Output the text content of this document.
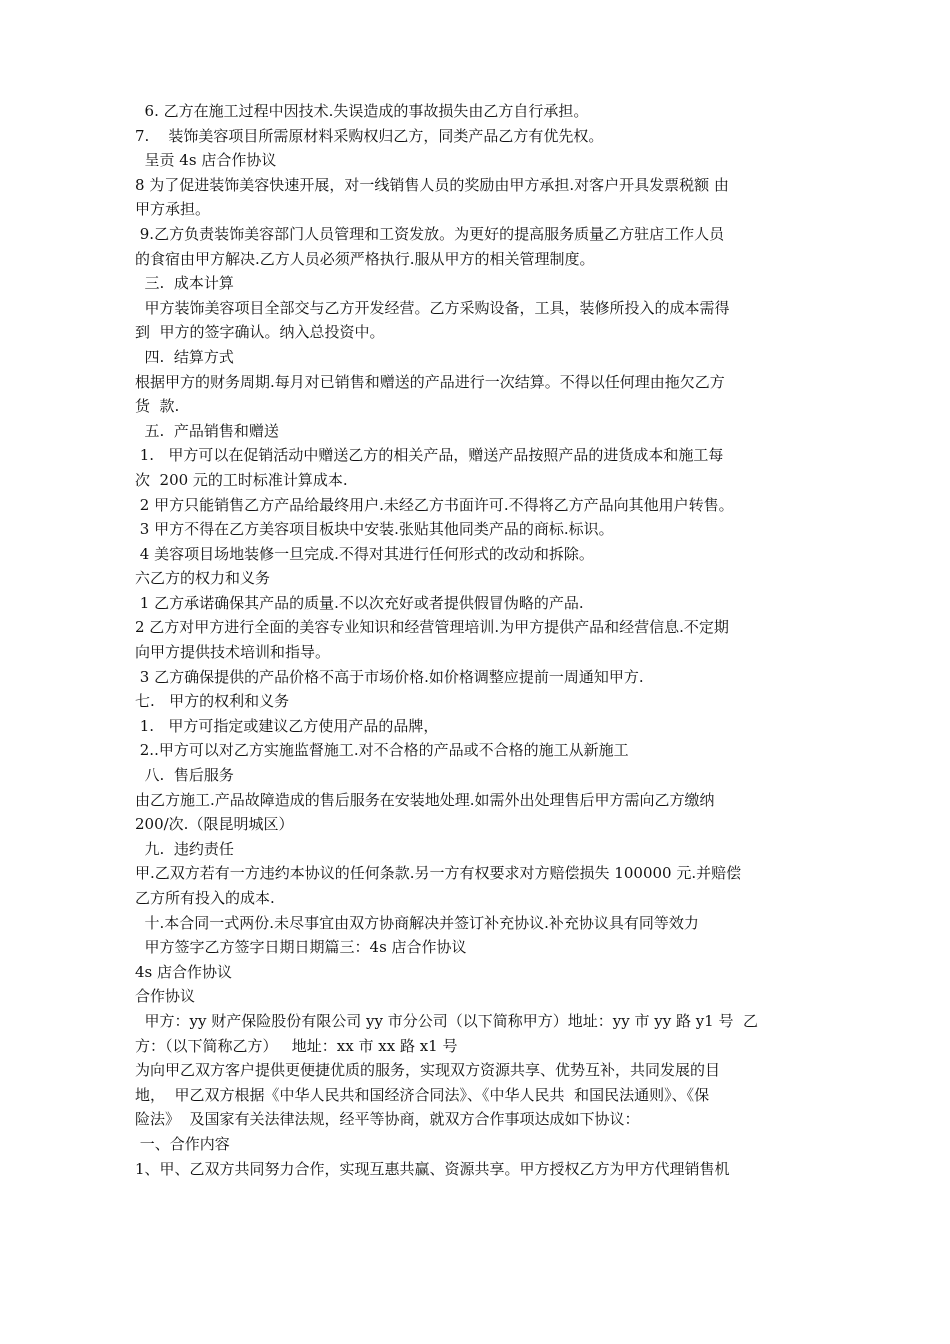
6. 乙方在施工过程中因技术.失误造成的事故损失由乙方自行承担。
7.    装饰美容项目所需原材料采购权归乙方，同类产品乙方有优先权。
呈贡 4s 店合作协议
8 为了促进装饰美容快速开展，对一线销售人员的奖励由甲方承担.对客户开具发票税额 由
甲方承担。
9.乙方负责装饰美容部门人员管理和工资发放。为更好的提高服务质量乙方驻店工作人员
的食宿由甲方解决.乙方人员必须严格执行.服从甲方的相关管理制度。
三.  成本计算
甲方装饰美容项目全部交与乙方开发经营。乙方采购设备，工具，装修所投入的成本需得
到  甲方的签字确认。纳入总投资中。
四.  结算方式
根据甲方的财务周期.每月对已销售和赠送的产品进行一次结算。不得以任何理由拖欠乙方
货  款.
五.  产品销售和赠送
1.   甲方可以在促销活动中赠送乙方的相关产品，赠送产品按照产品的进货成本和施工每
次  200 元的工时标准计算成本.
2 甲方只能销售乙方产品给最终用户.未经乙方书面许可.不得将乙方产品向其他用户转售。
3 甲方不得在乙方美容项目板块中安装.张贴其他同类产品的商标.标识。
4 美容项目场地装修一旦完成.不得对其进行任何形式的改动和拆除。
六乙方的权力和义务
1 乙方承诺确保其产品的质量.不以次充好或者提供假冒伪略的产品.
2 乙方对甲方进行全面的美容专业知识和经营管理培训.为甲方提供产品和经营信息.不定期
向甲方提供技术培训和指导。
3 乙方确保提供的产品价格不高于市场价格.如价格调整应提前一周通知甲方.
七.   甲方的权利和义务
1.   甲方可指定或建议乙方使用产品的品牌，
2..甲方可以对乙方实施监督施工.对不合格的产品或不合格的施工从新施工
八.  售后服务
由乙方施工.产品故障造成的售后服务在安装地处理.如需外出处理售后甲方需向乙方缴纳
200/次.（限昆明城区）
九.  违约责任
甲.乙双方若有一方违约本协议的任何条款.另一方有权要求对方赔偿损失 100000 元.并赔偿
乙方所有投入的成本.
十.本合同一式两份.未尽事宜由双方协商解决并签订补充协议.补充协议具有同等效力
甲方签字乙方签字日期日期篇三：4s 店合作协议
4s 店合作协议
合作协议
甲方：yy 财产保险股份有限公司 yy 市分公司（以下简称甲方）地址：yy 市 yy 路 y1 号  乙
方：（以下简称乙方）   地址：xx 市 xx 路 x1 号
为向甲乙双方客户提供更便捷优质的服务，实现双方资源共享、优势互补，共同发展的目
地，  甲乙双方根据《中华人民共和国经济合同法》、《中华人民共  和国民法通则》、《保
险法》  及国家有关法律法规，经平等协商，就双方合作事项达成如下协议：
一、合作内容
1、甲、乙双方共同努力合作，实现互惠共赢、资源共享。甲方授权乙方为甲方代理销售机
